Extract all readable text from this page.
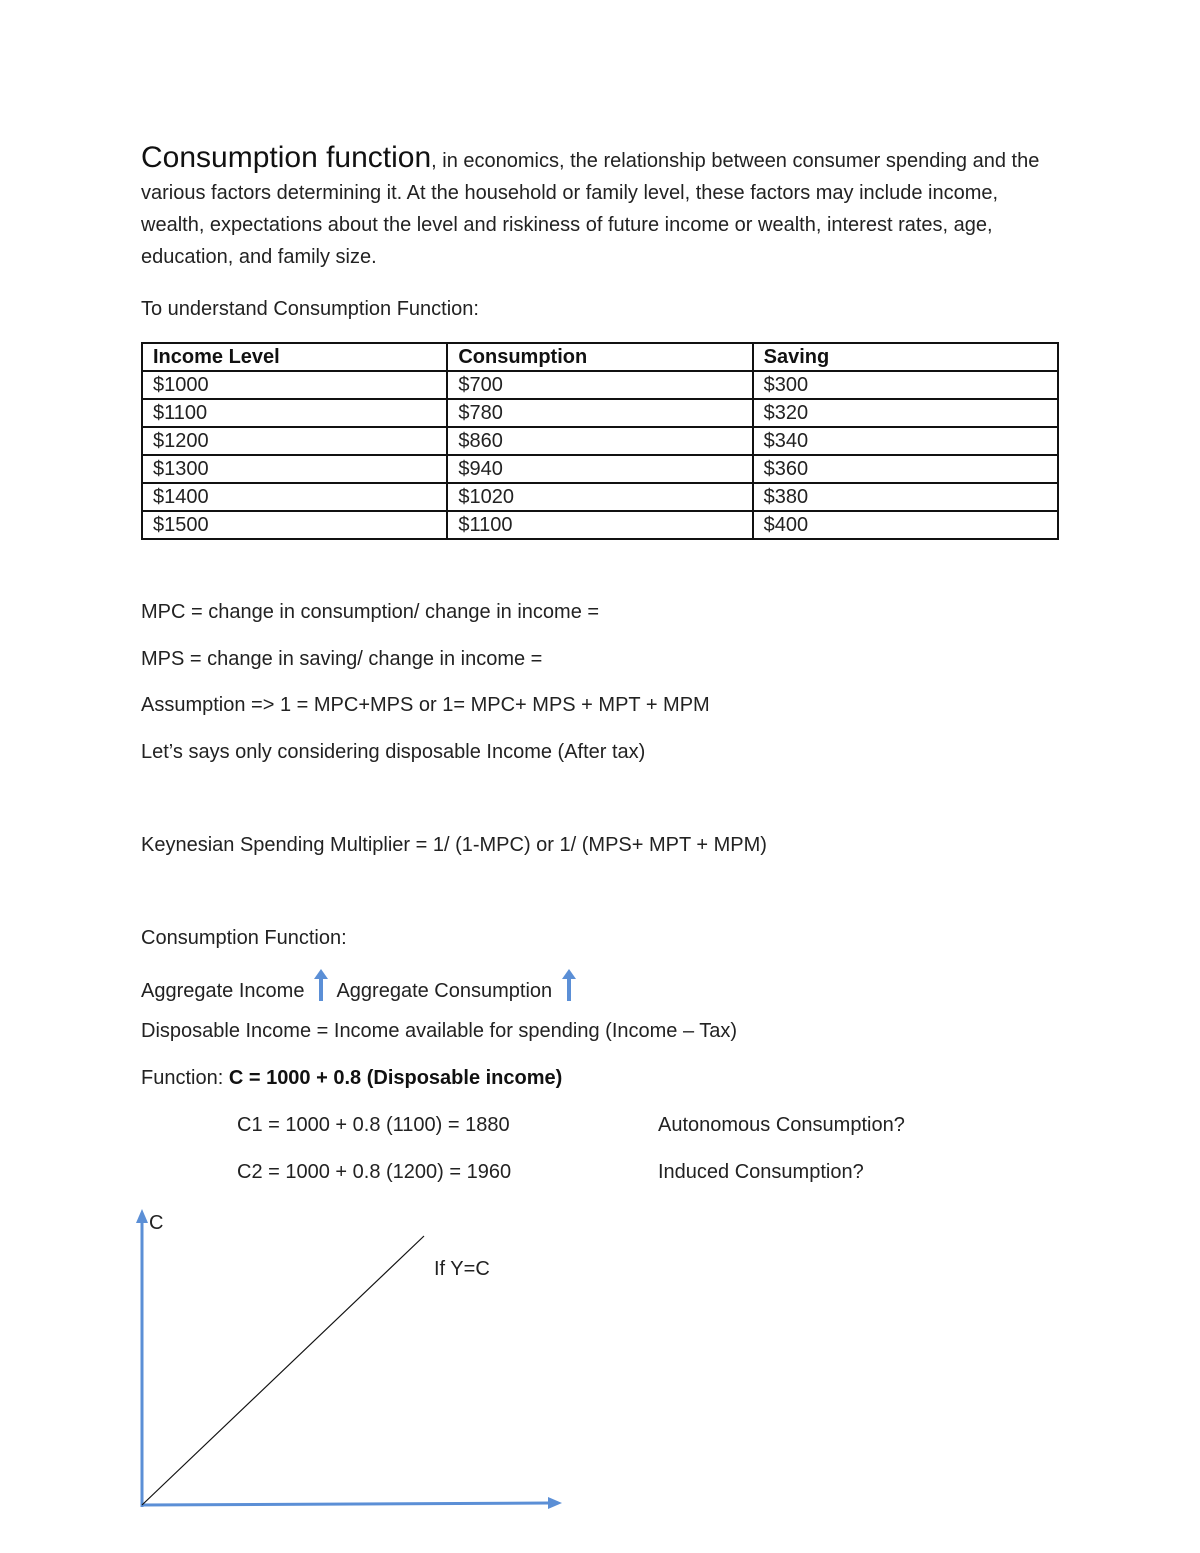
Consumption function, in economics, the relationship between consumer spending and the various factors determining it. At the household or family level, these factors may include income, wealth, expectations about the level and riskiness of future income or wealth, interest rates, age, education, and family size.
To understand Consumption Function:
Income Level	Consumption	Saving
$1000	$700	$300
$1100	$780	$320
$1200	$860	$340
$1300	$940	$360
$1400	$1020	$380
$1500	$1100	$400
MPC = change in consumption/ change in income =
MPS = change in saving/ change in income =
Assumption => 1 = MPC+MPS or 1= MPC+ MPS + MPT + MPM
Let’s says only considering disposable Income (After tax)
Keynesian Spending Multiplier = 1/ (1-MPC) or 1/ (MPS+ MPT + MPM)
Consumption Function:
Aggregate Income Aggregate Consumption
Disposable Income = Income available for spending (Income – Tax)
Function: C = 1000 + 0.8 (Disposable income)
C1 = 1000 + 0.8 (1100) = 1880	Autonomous Consumption?
C2 = 1000 + 0.8 (1200) = 1960	Induced Consumption?
C
If Y=C
